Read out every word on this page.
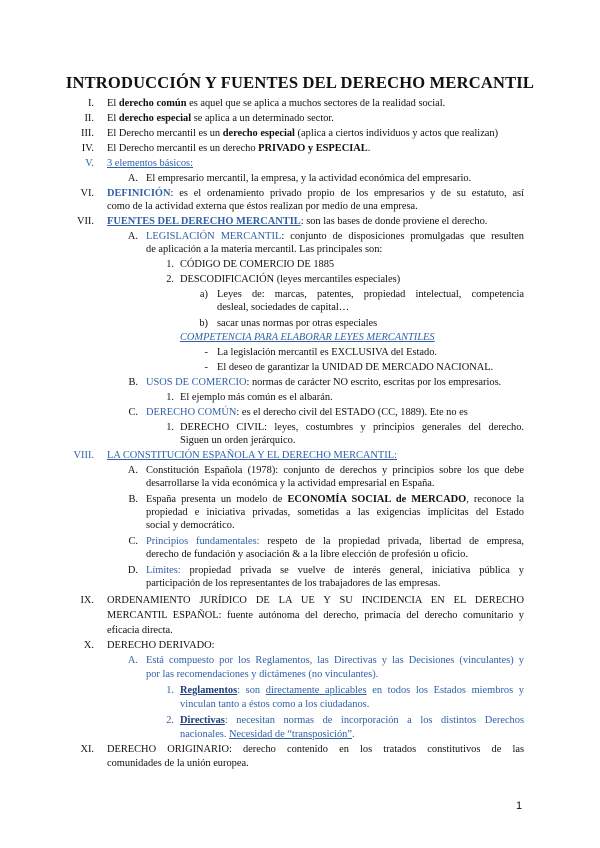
INTRODUCCIÓN Y FUENTES DEL DERECHO MERCANTIL
I. El derecho común es aquel que se aplica a muchos sectores de la realidad social.
II. El derecho especial se aplica a un determinado sector.
III. El Derecho mercantil es un derecho especial (aplica a ciertos individuos y actos que realizan)
IV. El Derecho mercantil es un derecho PRIVADO y ESPECIAL.
V. 3 elementos básicos:
A. El empresario mercantil, la empresa, y la actividad económica del empresario.
VI. DEFINICIÓN: es el ordenamiento privado propio de los empresarios y de su estatuto, así
como de la actividad externa que éstos realizan por medio de una empresa.
VII. FUENTES DEL DERECHO MERCANTIL: son las bases de donde proviene el derecho.
A. LEGISLACIÓN MERCANTIL: conjunto de disposiciones promulgadas que resulten
de aplicación a la materia mercantil. Las principales son:
1. CÓDIGO DE COMERCIO DE 1885
2. DESCODIFICACIÓN (leyes mercantiles especiales)
a) Leyes de: marcas, patentes, propiedad intelectual, competencia
desleal, sociedades de capital…
b) sacar unas normas por otras especiales
COMPETENCIA PARA ELABORAR LEYES MERCANTILES
- La legislación mercantil es EXCLUSIVA del Estado.
- El deseo de garantizar la UNIDAD DE MERCADO NACIONAL.
B. USOS DE COMERCIO: normas de carácter NO escrito, escritas por los empresarios.
1. El ejemplo más común es el albarán.
C. DERECHO COMÚN: es el derecho civil del ESTADO (CC, 1889). Ete no es
1. DERECHO CIVIL: leyes, costumbres y principios generales del derecho.
Siguen un orden jerárquico.
VIII. LA CONSTITUCIÓN ESPAÑOLA Y EL DERECHO MERCANTIL:
A. Constitución Española (1978): conjunto de derechos y principios sobre los que debe
desarrollarse la vida económica y la actividad empresarial en España.
B. España presenta un modelo de ECONOMÍA SOCIAL de MERCADO, reconoce la
propiedad e iniciativa privadas, sometidas a las exigencias implícitas del Estado
social y democrático.
C. Principios fundamentales: respeto de la propiedad privada, libertad de empresa,
derecho de fundación y asociación & a la libre elección de profesión u oficio.
D. Límites: propiedad privada se vuelve de interés general, iniciativa pública y
participación de los representantes de los trabajadores de las empresas.
IX. ORDENAMIENTO JURÍDICO DE LA UE Y SU INCIDENCIA EN EL DERECHO
MERCANTIL ESPAÑOL: fuente autónoma del derecho, primacía del derecho comunitario y
eficacia directa.
X. DERECHO DERIVADO:
A. Está compuesto por los Reglamentos, las Directivas y las Decisiones (vinculantes) y
por las recomendaciones y dictámenes (no vinculantes).
1. Reglamentos: son directamente aplicables en todos los Estados miembros y
vinculan tanto a éstos como a los ciudadanos.
2. Directivas: necesitan normas de incorporación a los distintos Derechos
nacionales. Necesidad de “transposición”.
XI. DERECHO ORIGINARIO: derecho contenido en los tratados constitutivos de las
comunidades de la unión europea.
1
